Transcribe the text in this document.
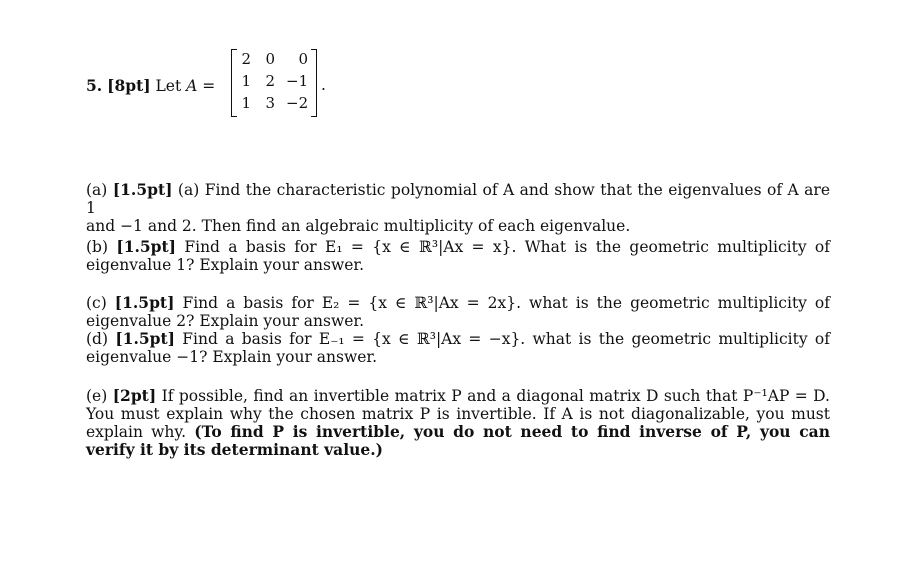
5. [8pt] Let A =
2 0	0
1 2 −1
1 3 −2
.
(a) [1.5pt] (a) Find the characteristic polynomial of A and show that the eigenvalues of A are 1
and −1 and 2. Then find an algebraic multiplicity of each eigenvalue.
(b) [1.5pt] Find a basis for E₁ = {x ∈ ℝ³|Ax = x}. What is the geometric multiplicity of
eigenvalue 1? Explain your answer.
(c) [1.5pt] Find a basis for E₂ = {x ∈ ℝ³|Ax = 2x}. what is the geometric multiplicity of
eigenvalue 2? Explain your answer.
(d) [1.5pt] Find a basis for E₋₁ = {x ∈ ℝ³|Ax = −x}. what is the geometric multiplicity of
eigenvalue −1? Explain your answer.
(e) [2pt] If possible, find an invertible matrix P and a diagonal matrix D such that P⁻¹AP = D.
You must explain why the chosen matrix P is invertible. If A is not diagonalizable, you must
explain why. (To find P is invertible, you do not need to find inverse of P, you can
verify it by its determinant value.)
